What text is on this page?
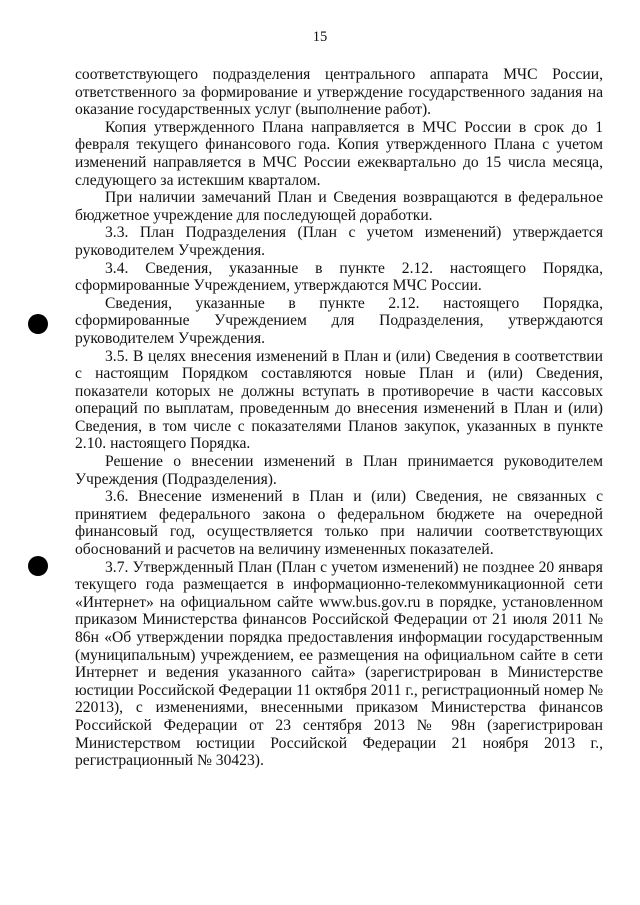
15

соответствующего подразделения центрального аппарата МЧС России, ответственного за формирование и утверждение государственного задания на оказание государственных услуг (выполнение работ).

Копия утвержденного Плана направляется в МЧС России в срок до 1 февраля текущего финансового года. Копия утвержденного Плана с учетом изменений направляется в МЧС России ежеквартально до 15 числа месяца, следующего за истекшим кварталом.

При наличии замечаний План и Сведения возвращаются в федеральное бюджетное учреждение для последующей доработки.

3.3. План Подразделения (План с учетом изменений) утверждается руководителем Учреждения.

3.4. Сведения, указанные в пункте 2.12. настоящего Порядка, сформированные Учреждением, утверждаются МЧС России.

Сведения, указанные в пункте 2.12. настоящего Порядка, сформированные Учреждением для Подразделения, утверждаются руководителем Учреждения.

3.5. В целях внесения изменений в План и (или) Сведения в соответствии с настоящим Порядком составляются новые План и (или) Сведения, показатели которых не должны вступать в противоречие в части кассовых операций по выплатам, проведенным до внесения изменений в План и (или) Сведения, в том числе с показателями Планов закупок, указанных в пункте 2.10. настоящего Порядка.

Решение о внесении изменений в План принимается руководителем Учреждения (Подразделения).

3.6. Внесение изменений в План и (или) Сведения, не связанных с принятием федерального закона о федеральном бюджете на очередной финансовый год, осуществляется только при наличии соответствующих обоснований и расчетов на величину измененных показателей.

3.7. Утвержденный План (План с учетом изменений) не позднее 20 января текущего года размещается в информационно-телекоммуникационной сети «Интернет» на официальном сайте www.bus.gov.ru в порядке, установленном приказом Министерства финансов Российской Федерации от 21 июля 2011 № 86н «Об утверждении порядка предоставления информации государственным (муниципальным) учреждением, ее размещения на официальном сайте в сети Интернет и ведения указанного сайта» (зарегистрирован в Министерстве юстиции Российской Федерации 11 октября 2011 г., регистрационный номер № 22013), с изменениями, внесенными приказом Министерства финансов Российской Федерации от 23 сентября 2013 № 98н (зарегистрирован Министерством юстиции Российской Федерации 21 ноября 2013 г., регистрационный № 30423).
